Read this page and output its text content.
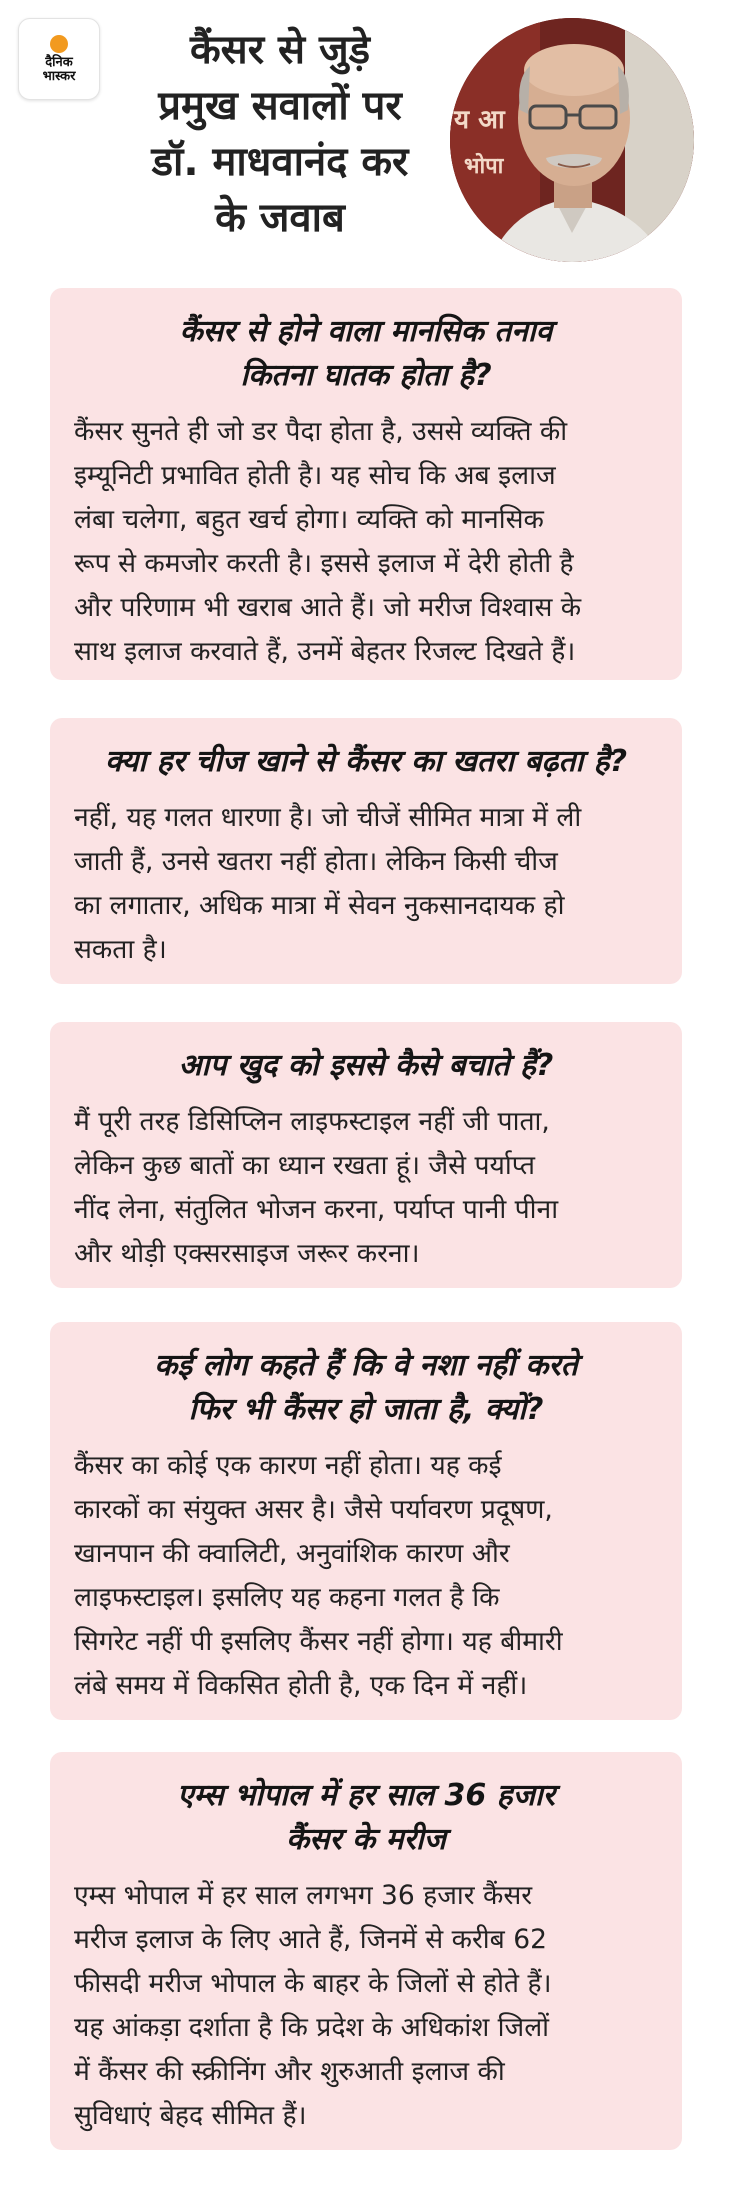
दैनिक
भास्कर
कैंसर से जुड़े
प्रमुख सवालों पर
डॉ. माधवानंद कर
के जवाब
य आ
भोपा
कैंसर से होने वाला मानसिक तनाव
कितना घातक होता है?
कैंसर सुनते ही जो डर पैदा होता है, उससे व्यक्ति की
इम्यूनिटी प्रभावित होती है। यह सोच कि अब इलाज
लंबा चलेगा, बहुत खर्च होगा। व्यक्ति को मानसिक
रूप से कमजोर करती है। इससे इलाज में देरी होती है
और परिणाम भी खराब आते हैं। जो मरीज विश्वास के
साथ इलाज करवाते हैं, उनमें बेहतर रिजल्ट दिखते हैं।
क्या हर चीज खाने से कैंसर का खतरा बढ़ता है?
नहीं, यह गलत धारणा है। जो चीजें सीमित मात्रा में ली
जाती हैं, उनसे खतरा नहीं होता। लेकिन किसी चीज
का लगातार, अधिक मात्रा में सेवन नुकसानदायक हो
सकता है।
आप खुद को इससे कैसे बचाते हैं?
मैं पूरी तरह डिसिप्लिन लाइफस्टाइल नहीं जी पाता,
लेकिन कुछ बातों का ध्यान रखता हूं। जैसे पर्याप्त
नींद लेना, संतुलित भोजन करना, पर्याप्त पानी पीना
और थोड़ी एक्सरसाइज जरूर करना।
कई लोग कहते हैं कि वे नशा नहीं करते
फिर भी कैंसर हो जाता है, क्यों?
कैंसर का कोई एक कारण नहीं होता। यह कई
कारकों का संयुक्त असर है। जैसे पर्यावरण प्रदूषण,
खानपान की क्वालिटी, अनुवांशिक कारण और
लाइफस्टाइल। इसलिए यह कहना गलत है कि
सिगरेट नहीं पी इसलिए कैंसर नहीं होगा। यह बीमारी
लंबे समय में विकसित होती है, एक दिन में नहीं।
एम्स भोपाल में हर साल 36 हजार
कैंसर के मरीज
एम्स भोपाल में हर साल लगभग 36 हजार कैंसर
मरीज इलाज के लिए आते हैं, जिनमें से करीब 62
फीसदी मरीज भोपाल के बाहर के जिलों से होते हैं।
यह आंकड़ा दर्शाता है कि प्रदेश के अधिकांश जिलों
में कैंसर की स्क्रीनिंग और शुरुआती इलाज की
सुविधाएं बेहद सीमित हैं।
